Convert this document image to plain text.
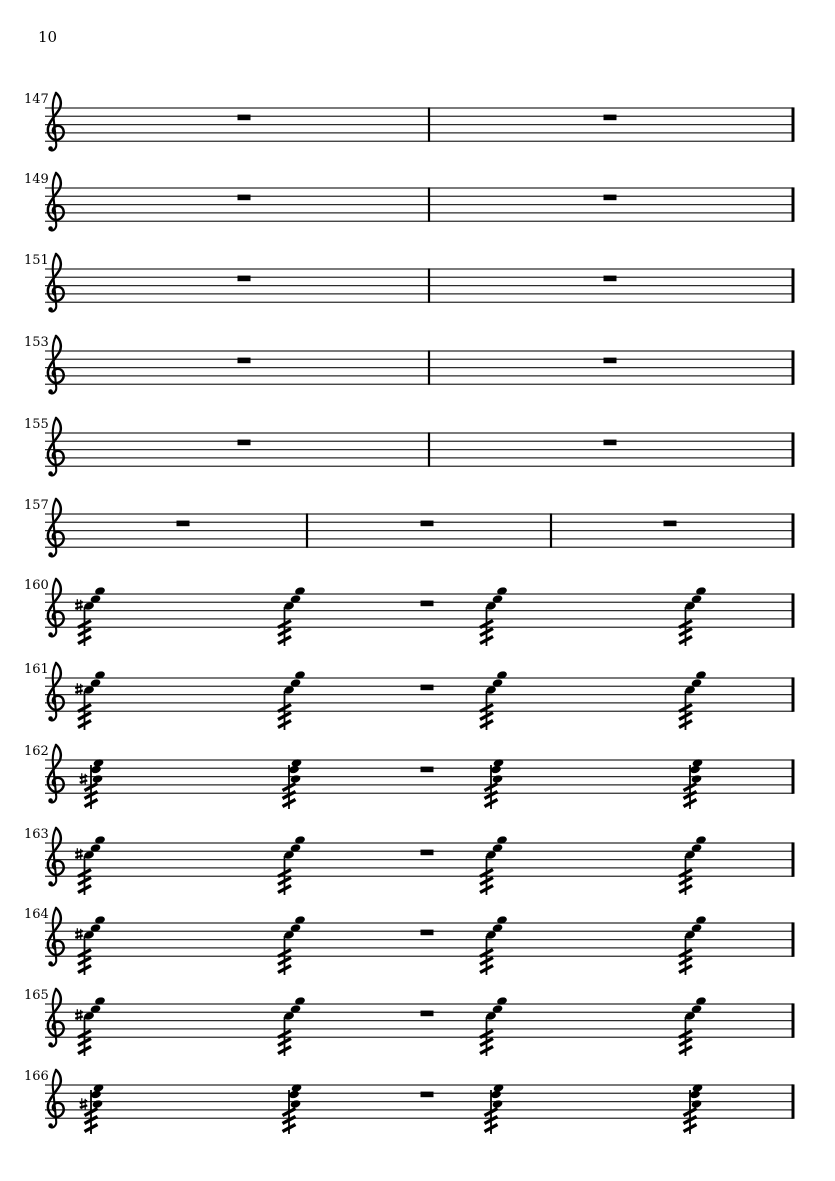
10
147
149
151
153
155
157
160
161
162
163
164
165
166
